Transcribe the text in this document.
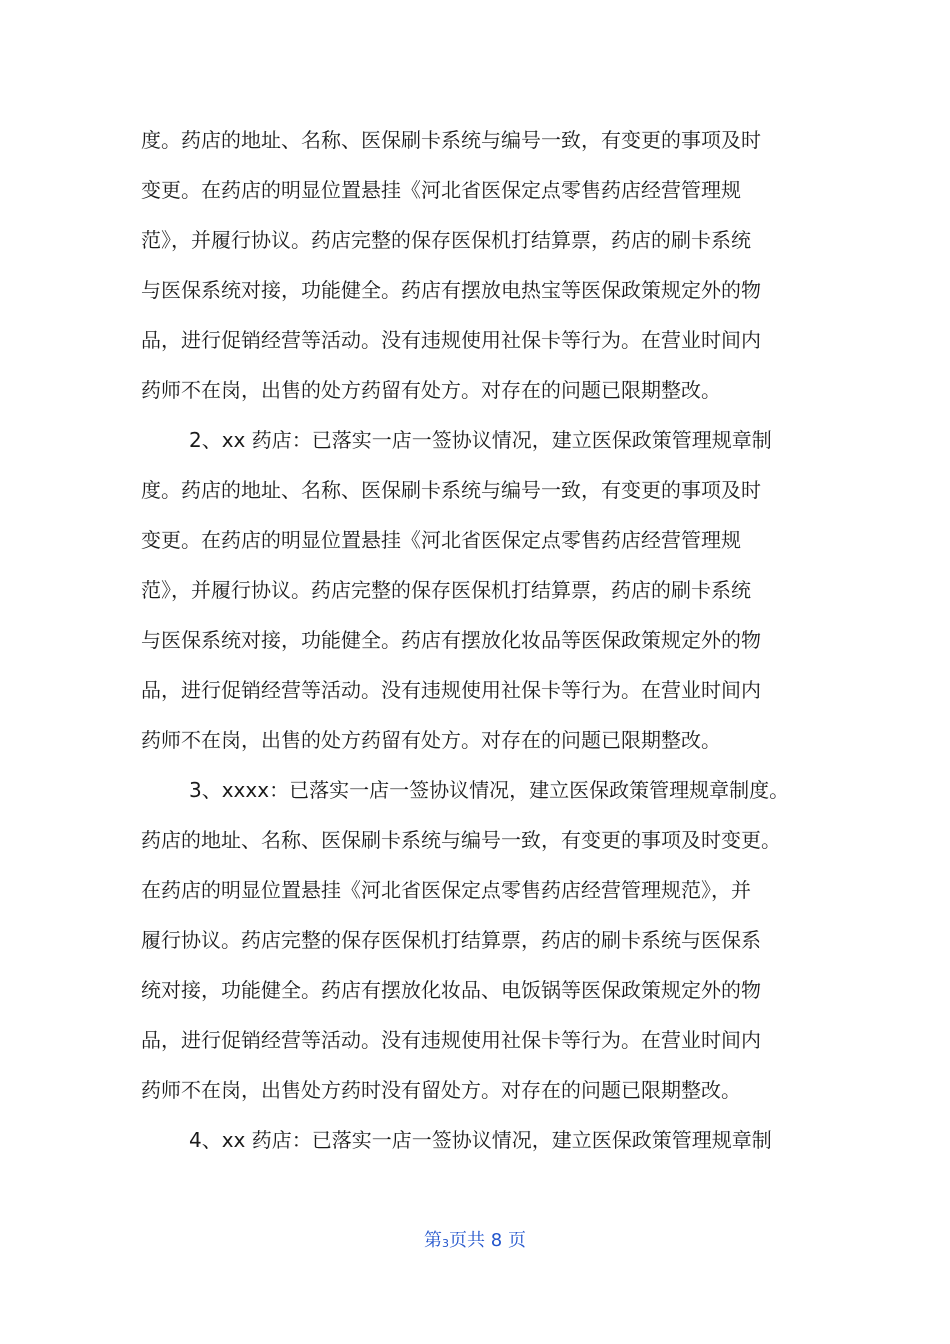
度。药店的地址、名称、医保刷卡系统与编号一致，有变更的事项及时
变更。在药店的明显位置悬挂《河北省医保定点零售药店经营管理规
范》，并履行协议。药店完整的保存医保机打结算票，药店的刷卡系统
与医保系统对接，功能健全。药店有摆放电热宝等医保政策规定外的物
品，进行促销经营等活动。没有违规使用社保卡等行为。在营业时间内
药师不在岗，出售的处方药留有处方。对存在的问题已限期整改。
2、xx 药店：已落实一店一签协议情况，建立医保政策管理规章制
度。药店的地址、名称、医保刷卡系统与编号一致，有变更的事项及时
变更。在药店的明显位置悬挂《河北省医保定点零售药店经营管理规
范》，并履行协议。药店完整的保存医保机打结算票，药店的刷卡系统
与医保系统对接，功能健全。药店有摆放化妆品等医保政策规定外的物
品，进行促销经营等活动。没有违规使用社保卡等行为。在营业时间内
药师不在岗，出售的处方药留有处方。对存在的问题已限期整改。
3、xxxx：已落实一店一签协议情况，建立医保政策管理规章制度。
药店的地址、名称、医保刷卡系统与编号一致，有变更的事项及时变更。
在药店的明显位置悬挂《河北省医保定点零售药店经营管理规范》，并
履行协议。药店完整的保存医保机打结算票，药店的刷卡系统与医保系
统对接，功能健全。药店有摆放化妆品、电饭锅等医保政策规定外的物
品，进行促销经营等活动。没有违规使用社保卡等行为。在营业时间内
药师不在岗，出售处方药时没有留处方。对存在的问题已限期整改。
4、xx 药店：已落实一店一签协议情况，建立医保政策管理规章制
第3页共 8 页
